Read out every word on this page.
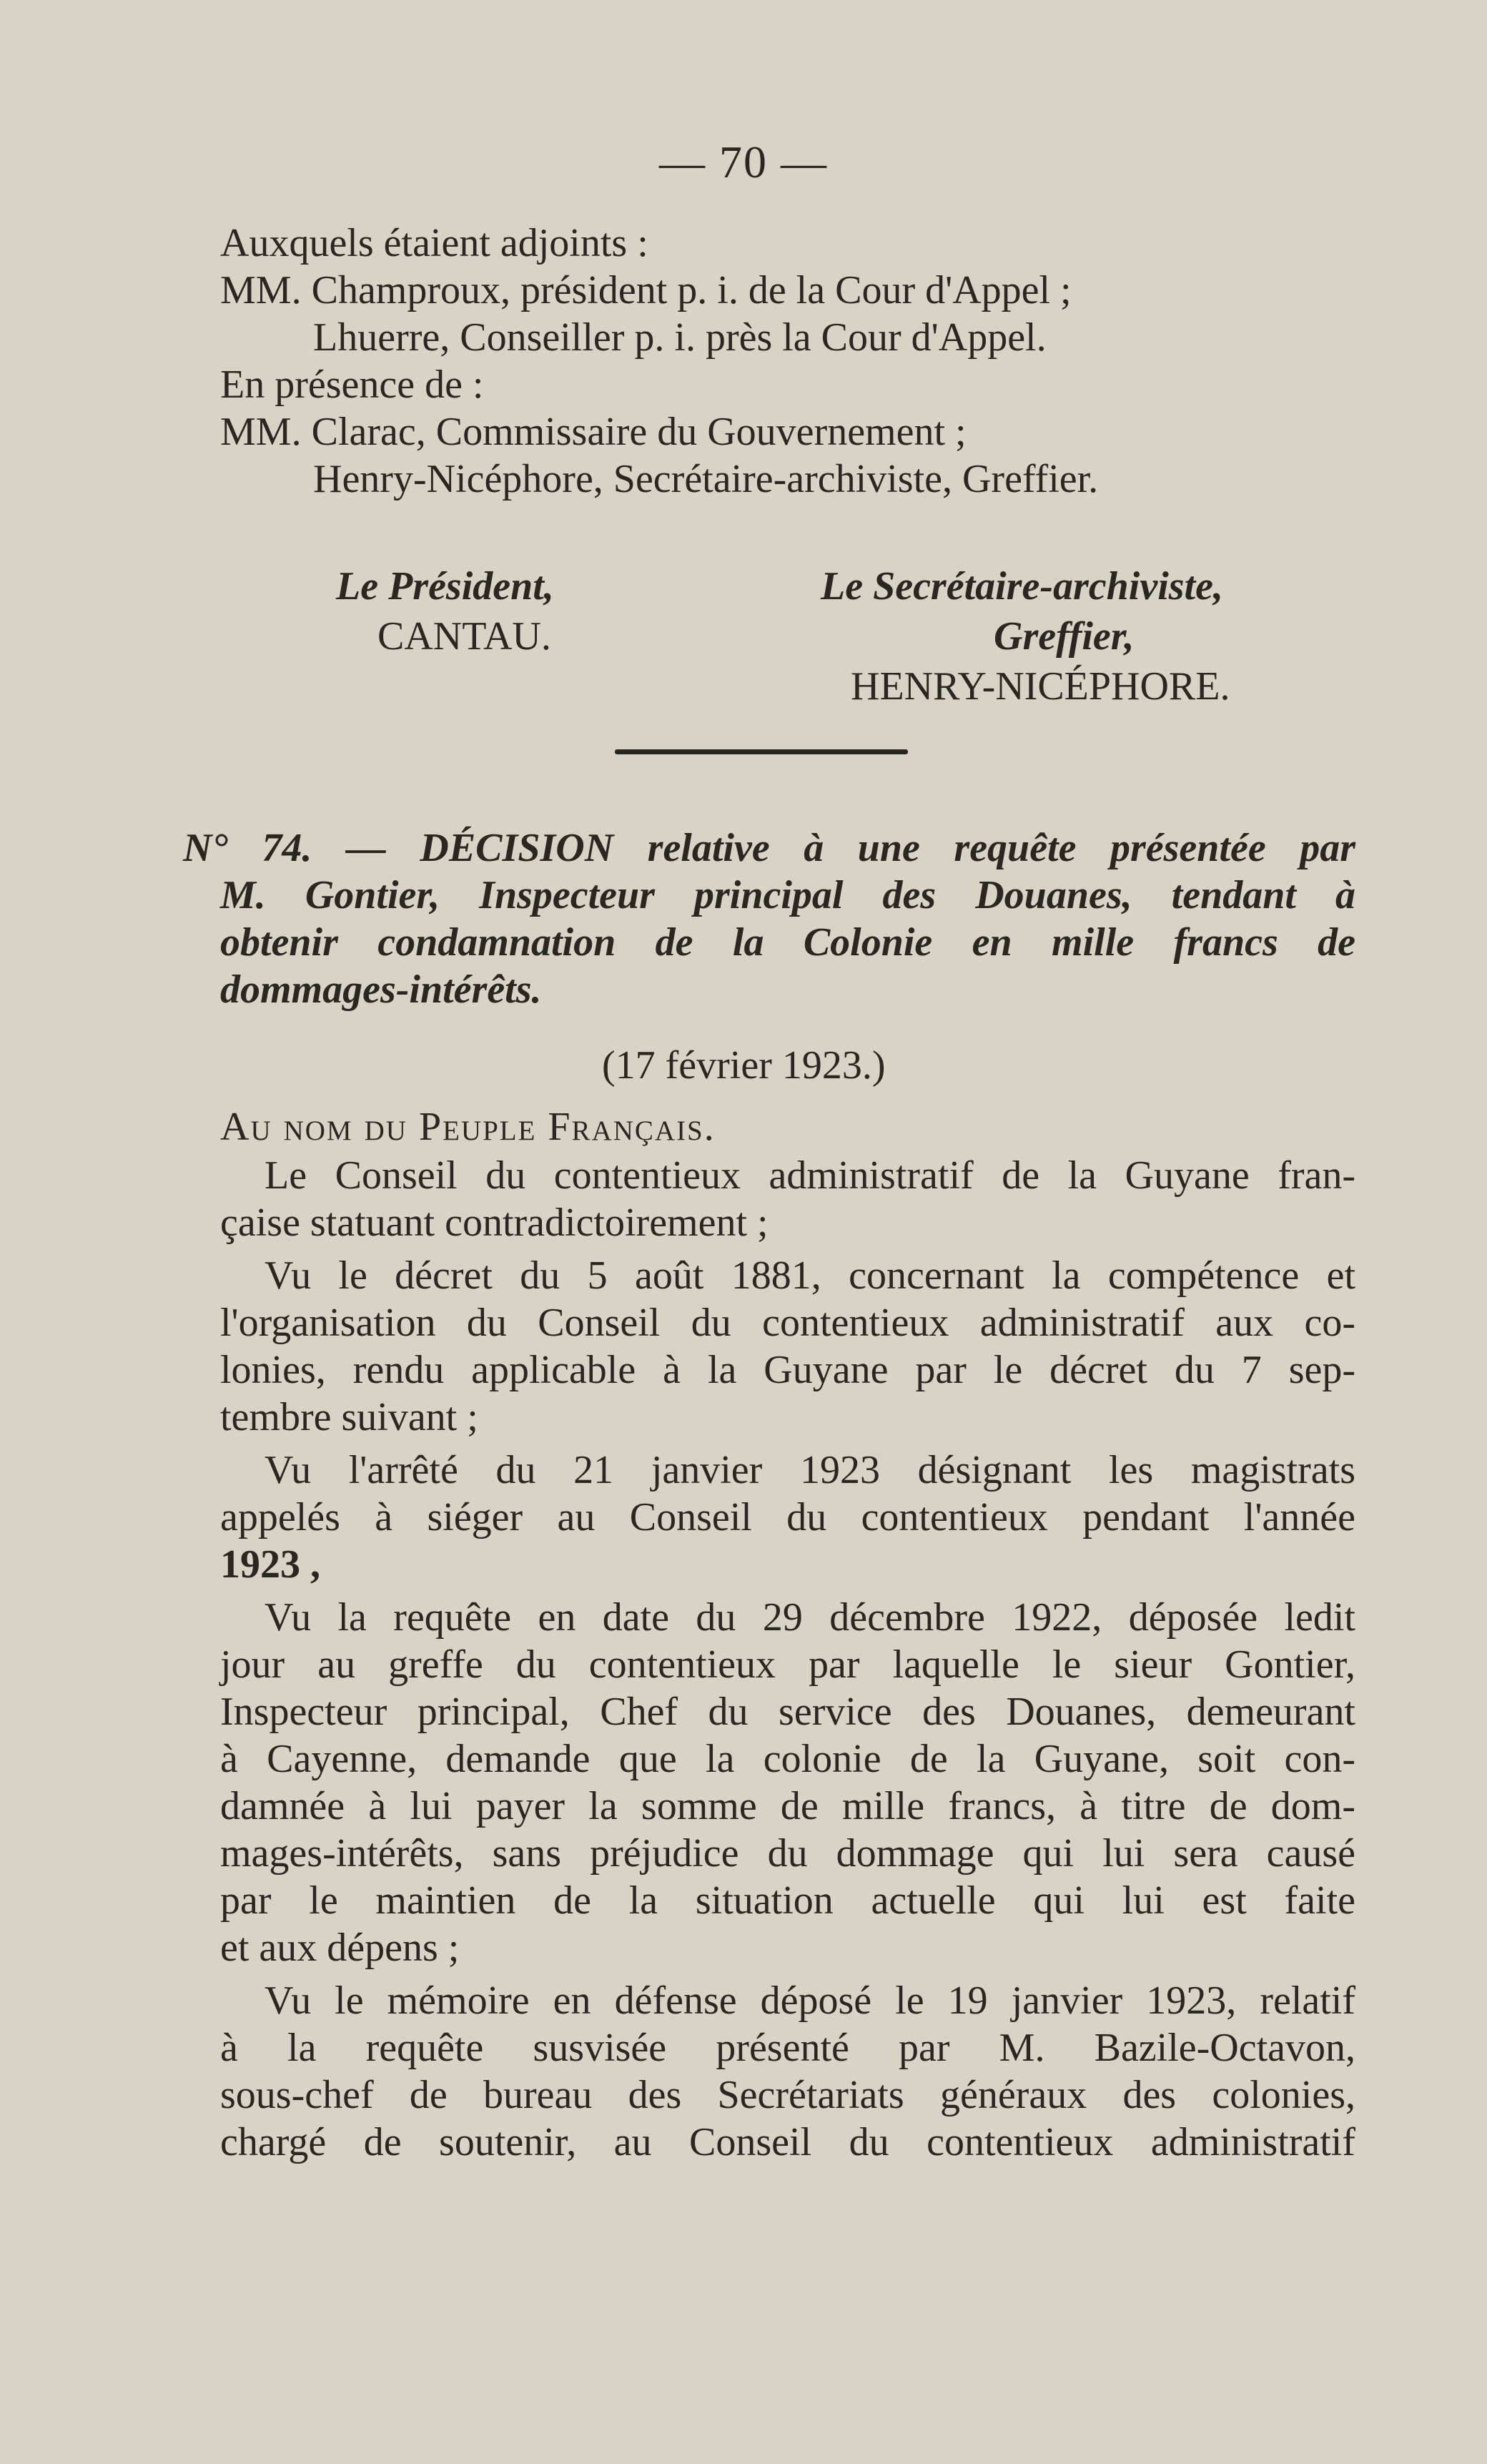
— 70 —
Auxquels étaient adjoints :
MM. Champroux, président p. i. de la Cour d'Appel ;
Lhuerre, Conseiller p. i. près la Cour d'Appel.
En présence de :
MM. Clarac, Commissaire du Gouvernement ;
Henry-Nicéphore, Secrétaire-archiviste, Greffier.
Le Président,
CANTAU.
Le Secrétaire-archiviste,
Greffier,
HENRY-NICÉPHORE.
N° 74. — DÉCISION relative à une requête présentée par
M. Gontier, Inspecteur principal des Douanes, tendant à
obtenir condamnation de la Colonie en mille francs de
dommages-intérêts.
(17 février 1923.)
Au nom du Peuple Français.
Le Conseil du contentieux administratif de la Guyane fran-
çaise statuant contradictoirement ;
Vu le décret du 5 août 1881, concernant la compétence et
l'organisation du Conseil du contentieux administratif aux co-
lonies, rendu applicable à la Guyane par le décret du 7 sep-
tembre suivant ;
Vu l'arrêté du 21 janvier 1923 désignant les magistrats
appelés à siéger au Conseil du contentieux pendant l'année
1923 ,
Vu la requête en date du 29 décembre 1922, déposée ledit
jour au greffe du contentieux par laquelle le sieur Gontier,
Inspecteur principal, Chef du service des Douanes, demeurant
à Cayenne, demande que la colonie de la Guyane, soit con-
damnée à lui payer la somme de mille francs, à titre de dom-
mages-intérêts, sans préjudice du dommage qui lui sera causé
par le maintien de la situation actuelle qui lui est faite
et aux dépens ;
Vu le mémoire en défense déposé le 19 janvier 1923, relatif
à la requête susvisée présenté par M. Bazile-Octavon,
sous-chef de bureau des Secrétariats généraux des colonies,
chargé de soutenir, au Conseil du contentieux administratif
